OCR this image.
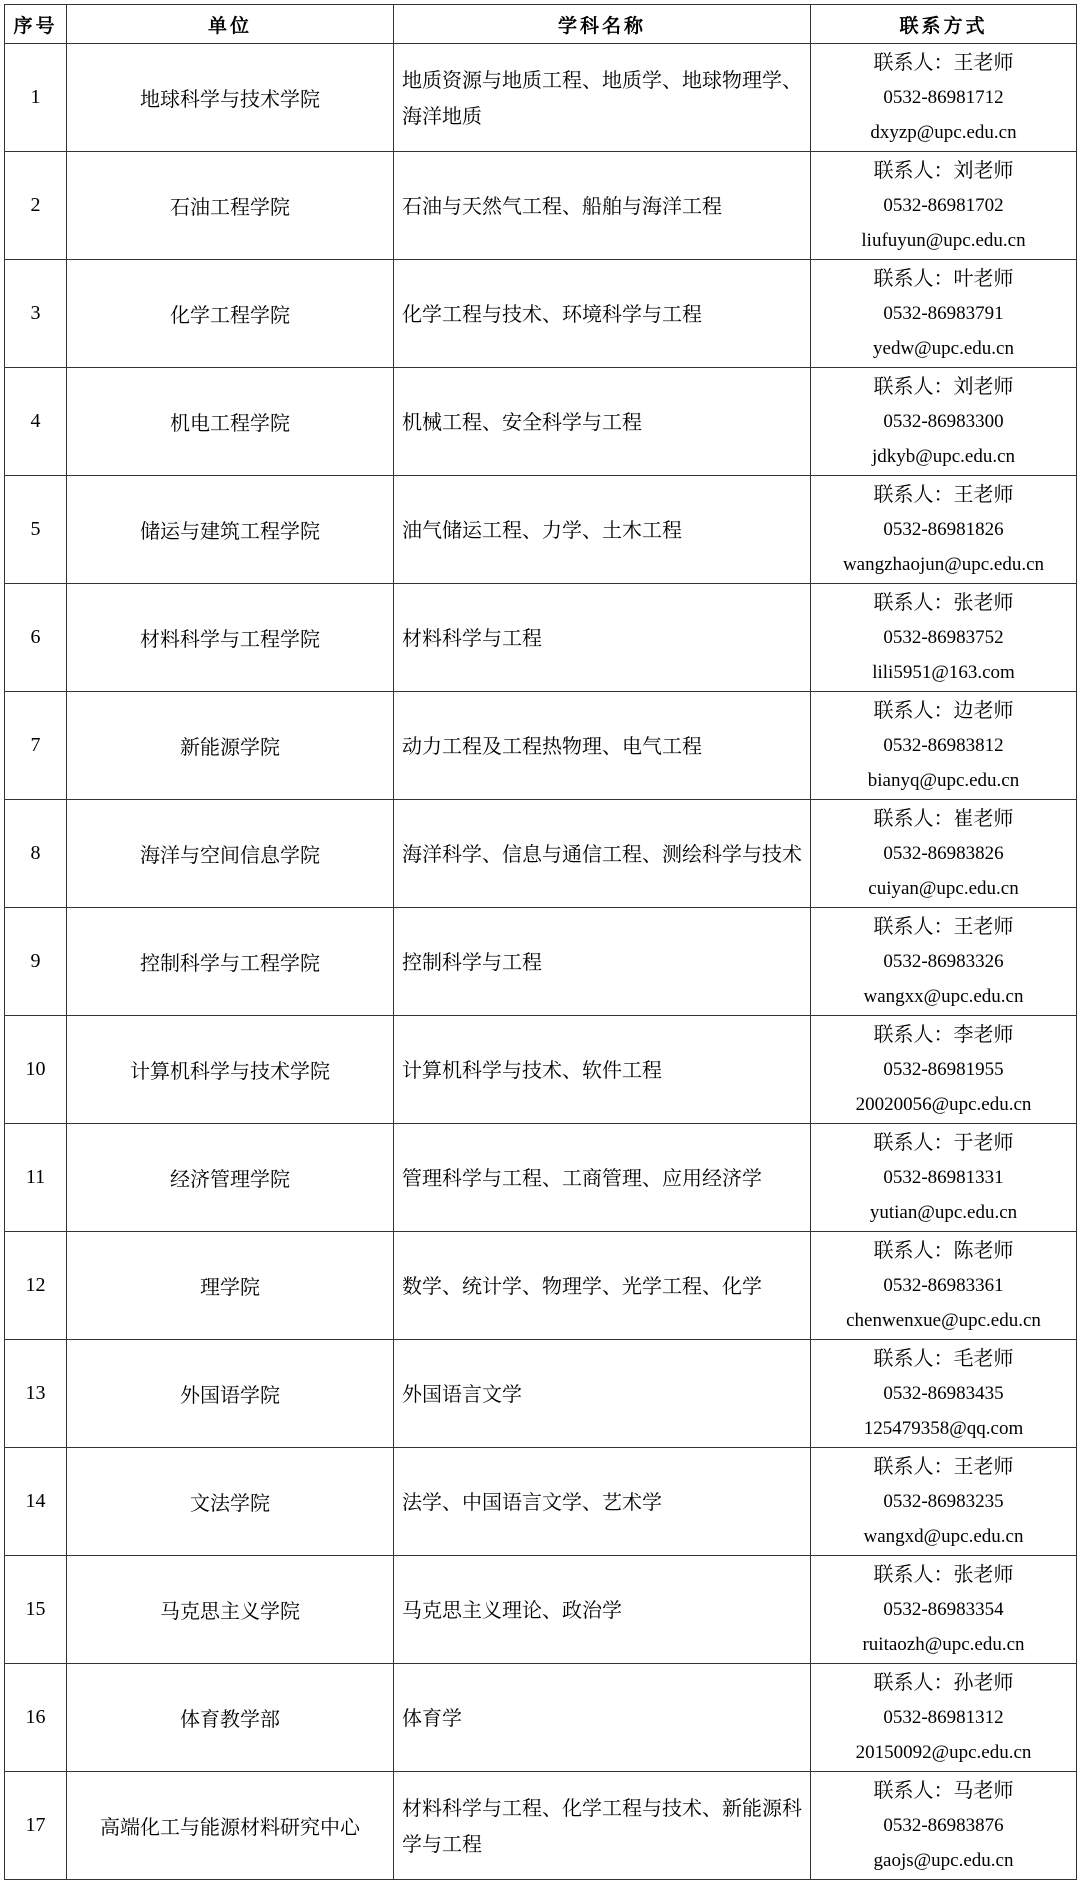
序号	单位	学科名称	联系方式
1	地球科学与技术学院	地质资源与地质工程、地质学、地球物理学、海洋地质	联系人：王老师
0532-86981712
dxyzp@upc.edu.cn

2	石油工程学院	石油与天然气工程、船舶与海洋工程	联系人：刘老师
0532-86981702
liufuyun@upc.edu.cn

3	化学工程学院	化学工程与技术、环境科学与工程	联系人：叶老师
0532-86983791
yedw@upc.edu.cn

4	机电工程学院	机械工程、安全科学与工程	联系人：刘老师
0532-86983300
jdkyb@upc.edu.cn

5	储运与建筑工程学院	油气储运工程、力学、土木工程	联系人：王老师
0532-86981826
wangzhaojun@upc.edu.cn

6	材料科学与工程学院	材料科学与工程	联系人：张老师
0532-86983752
lili5951@163.com

7	新能源学院	动力工程及工程热物理、电气工程	联系人：边老师
0532-86983812
bianyq@upc.edu.cn

8	海洋与空间信息学院	海洋科学、信息与通信工程、测绘科学与技术	联系人：崔老师
0532-86983826
cuiyan@upc.edu.cn

9	控制科学与工程学院	控制科学与工程	联系人：王老师
0532-86983326
wangxx@upc.edu.cn

10	计算机科学与技术学院	计算机科学与技术、软件工程	联系人：李老师
0532-86981955
20020056@upc.edu.cn

11	经济管理学院	管理科学与工程、工商管理、应用经济学	联系人：于老师
0532-86981331
yutian@upc.edu.cn

12	理学院	数学、统计学、物理学、光学工程、化学	联系人：陈老师
0532-86983361
chenwenxue@upc.edu.cn

13	外国语学院	外国语言文学	联系人：毛老师
0532-86983435
125479358@qq.com

14	文法学院	法学、中国语言文学、艺术学	联系人：王老师
0532-86983235
wangxd@upc.edu.cn

15	马克思主义学院	马克思主义理论、政治学	联系人：张老师
0532-86983354
ruitaozh@upc.edu.cn

16	体育教学部	体育学	联系人：孙老师
0532-86981312
20150092@upc.edu.cn

17	高端化工与能源材料研究中心	材料科学与工程、化学工程与技术、新能源科学与工程	联系人：马老师
0532-86983876
gaojs@upc.edu.cn
